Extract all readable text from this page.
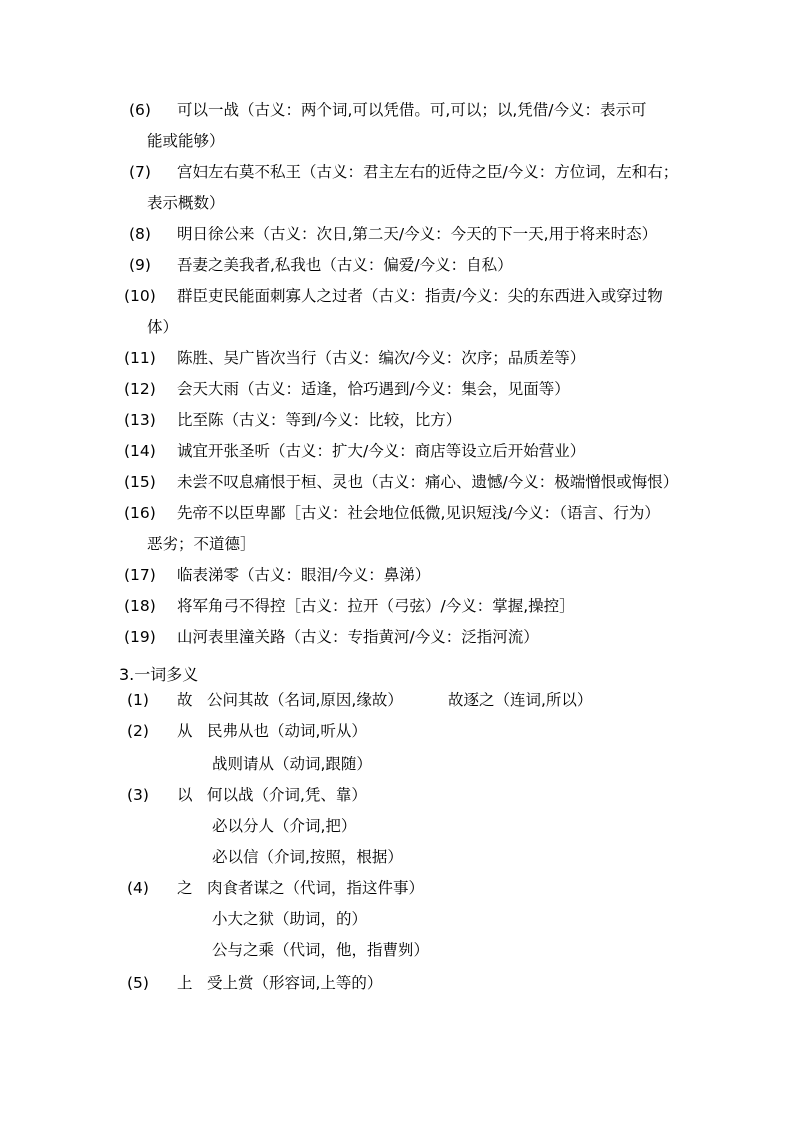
(6) 可以一战（古义：两个词,可以凭借。可,可以；以,凭借/今义：表示可
能或能够）
(7) 宫妇左右莫不私王（古义：君主左右的近侍之臣/今义：方位词，左和右；
表示概数）
(8) 明日徐公来（古义：次日,第二天/今义：今天的下一天,用于将来时态）
(9) 吾妻之美我者,私我也（古义：偏爱/今义：自私）
(10) 群臣吏民能面刺寡人之过者（古义：指责/今义：尖的东西进入或穿过物
体）
(11) 陈胜、吴广皆次当行（古义：编次/今义：次序；品质差等）
(12) 会天大雨（古义：适逢，恰巧遇到/今义：集会，见面等）
(13) 比至陈（古义：等到/今义：比较，比方）
(14) 诚宜开张圣听（古义：扩大/今义：商店等设立后开始营业）
(15) 未尝不叹息痛恨于桓、灵也（古义：痛心、遗憾/今义：极端憎恨或悔恨）
(16) 先帝不以臣卑鄙［古义：社会地位低微,见识短浅/今义：（语言、行为）
恶劣；不道德］
(17) 临表涕零（古义：眼泪/今义：鼻涕）
(18) 将军角弓不得控［古义：拉开（弓弦）/今义：掌握,操控］
(19) 山河表里潼关路（古义：专指黄河/今义：泛指河流）
3.一词多义
(1) 故 公问其故（名词,原因,缘故）	故逐之（连词,所以）
(2) 从 民弗从也（动词,听从）
战则请从（动词,跟随）
(3) 以 何以战（介词,凭、靠）
必以分人（介词,把）
必以信（介词,按照，根据）
(4) 之 肉食者谋之（代词，指这件事）
小大之狱（助词，的）
公与之乘（代词，他，指曹刿）
(5) 上 受上赏（形容词,上等的）
